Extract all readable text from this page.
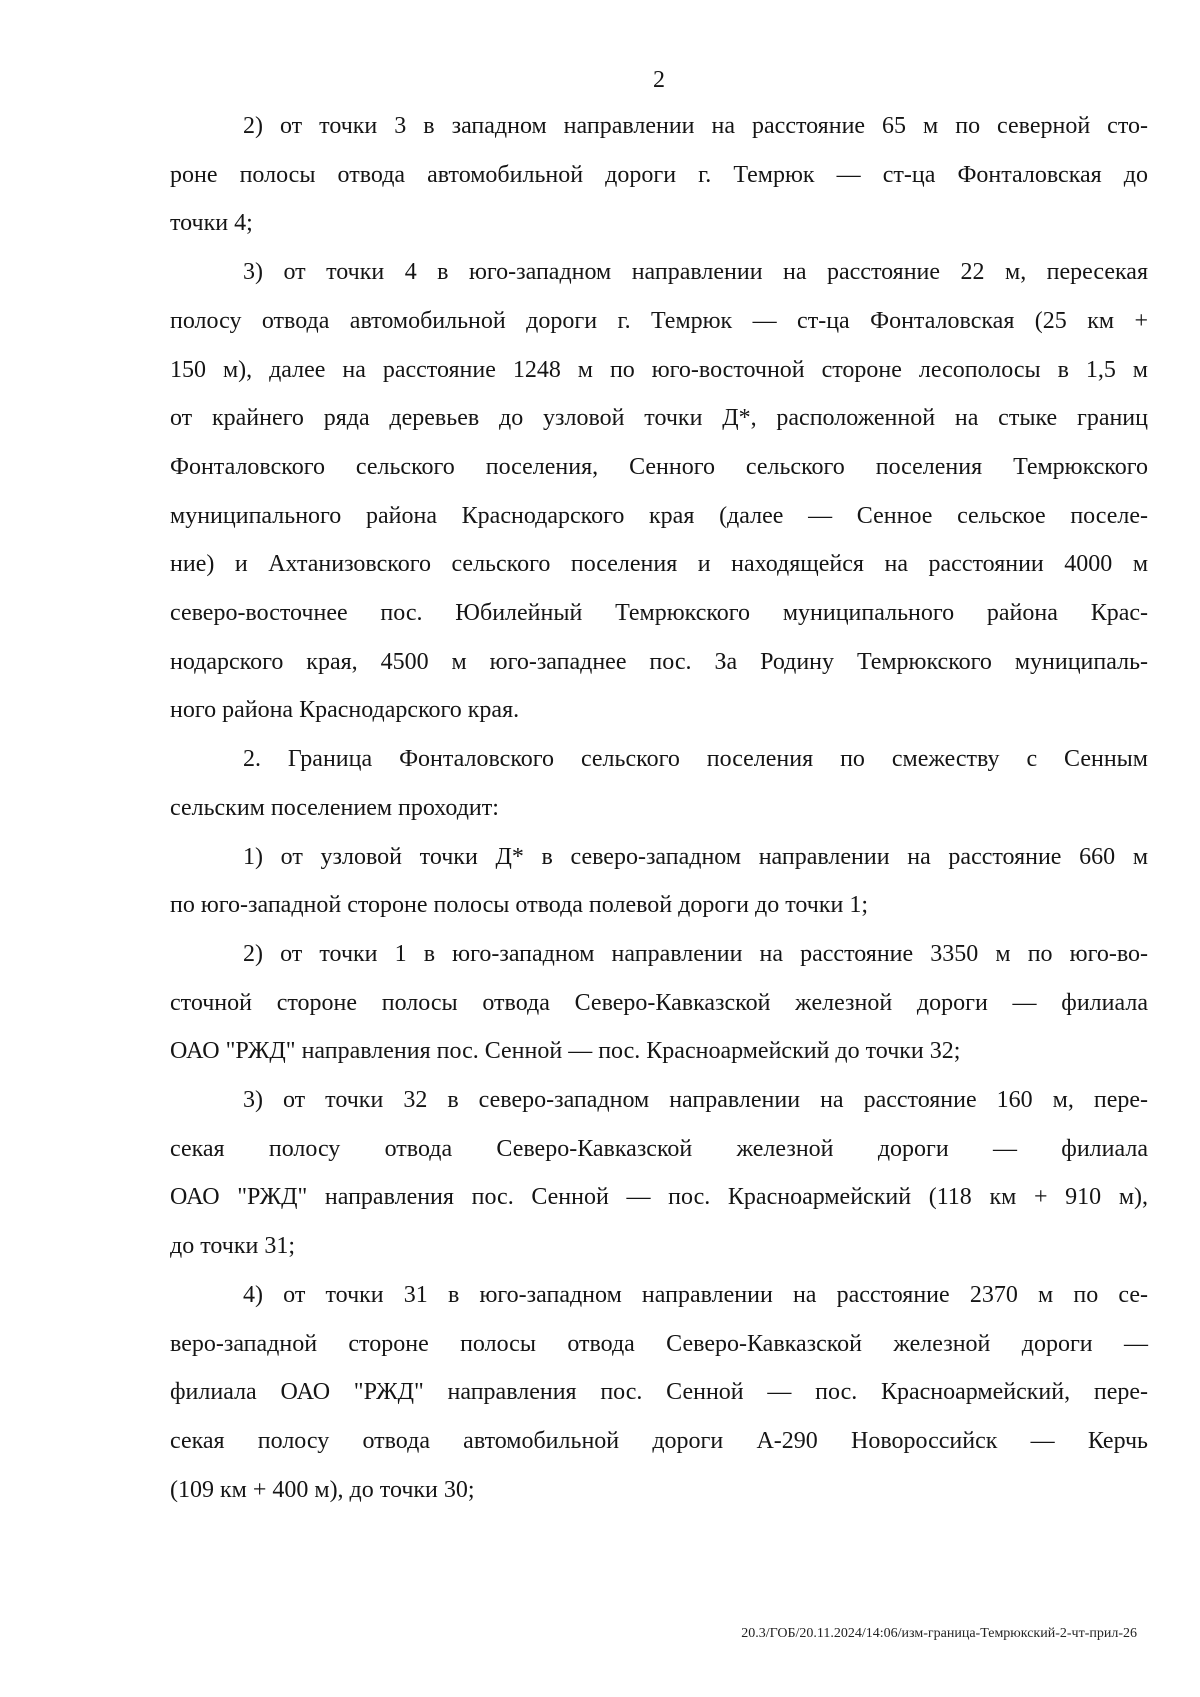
2
2) от точки 3 в западном направлении на расстояние 65 м по северной сто-
роне полосы отвода автомобильной дороги г. Темрюк — ст-ца Фонталовская до
точки 4;
3) от точки 4 в юго-западном направлении на расстояние 22 м, пересекая
полосу отвода автомобильной дороги г. Темрюк — ст-ца Фонталовская (25 км +
150 м), далее на расстояние 1248 м по юго-восточной стороне лесополосы в 1,5 м
от крайнего ряда деревьев до узловой точки Д*, расположенной на стыке границ
Фонталовского сельского поселения, Сенного сельского поселения Темрюкского
муниципального района Краснодарского края (далее — Сенное сельское поселе-
ние) и Ахтанизовского сельского поселения и находящейся на расстоянии 4000 м
северо-восточнее пос. Юбилейный Темрюкского муниципального района Крас-
нодарского края, 4500 м юго-западнее пос. За Родину Темрюкского муниципаль-
ного района Краснодарского края.
2. Граница Фонталовского сельского поселения по смежеству с Сенным
сельским поселением проходит:
1) от узловой точки Д* в северо-западном направлении на расстояние 660 м
по юго-западной стороне полосы отвода полевой дороги до точки 1;
2) от точки 1 в юго-западном направлении на расстояние 3350 м по юго-во-
сточной стороне полосы отвода Северо-Кавказской железной дороги — филиала
ОАО "РЖД" направления пос. Сенной — пос. Красноармейский до точки 32;
3) от точки 32 в северо-западном направлении на расстояние 160 м, пере-
секая полосу отвода Северо-Кавказской железной дороги — филиала
ОАО "РЖД" направления пос. Сенной — пос. Красноармейский (118 км + 910 м),
до точки 31;
4) от точки 31 в юго-западном направлении на расстояние 2370 м по се-
веро-западной стороне полосы отвода Северо-Кавказской железной дороги —
филиала ОАО "РЖД" направления пос. Сенной — пос. Красноармейский, пере-
секая полосу отвода автомобильной дороги А-290 Новороссийск — Керчь
(109 км + 400 м), до точки 30;
20.3/ГОБ/20.11.2024/14:06/изм-граница-Темрюкский-2-чт-прил-26
